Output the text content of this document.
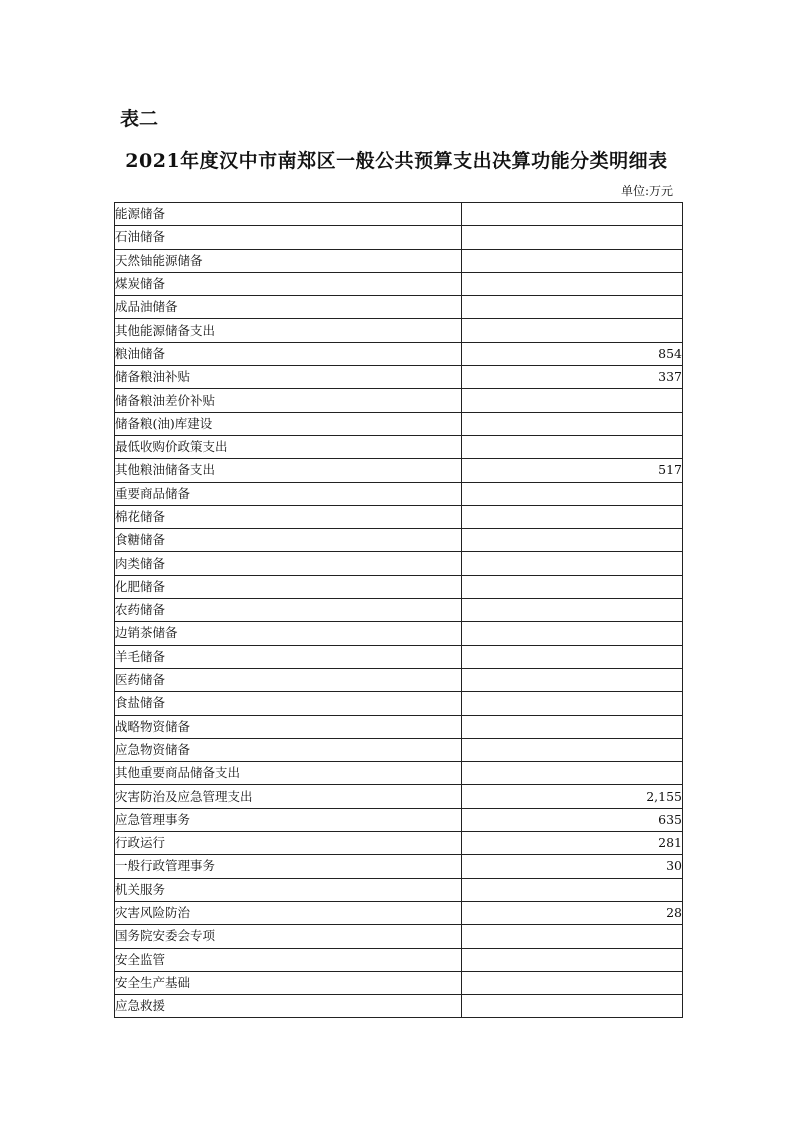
表二
2021年度汉中市南郑区一般公共预算支出决算功能分类明细表
单位:万元
能源储备	
石油储备	
天然铀能源储备	
煤炭储备	
成品油储备	
其他能源储备支出	
粮油储备	854
储备粮油补贴	337
储备粮油差价补贴	
储备粮(油)库建设	
最低收购价政策支出	
其他粮油储备支出	517
重要商品储备	
棉花储备	
食糖储备	
肉类储备	
化肥储备	
农药储备	
边销茶储备	
羊毛储备	
医药储备	
食盐储备	
战略物资储备	
应急物资储备	
其他重要商品储备支出	
灾害防治及应急管理支出	2,155
应急管理事务	635
行政运行	281
一般行政管理事务	30
机关服务	
灾害风险防治	28
国务院安委会专项	
安全监管	
安全生产基础	
应急救援	
